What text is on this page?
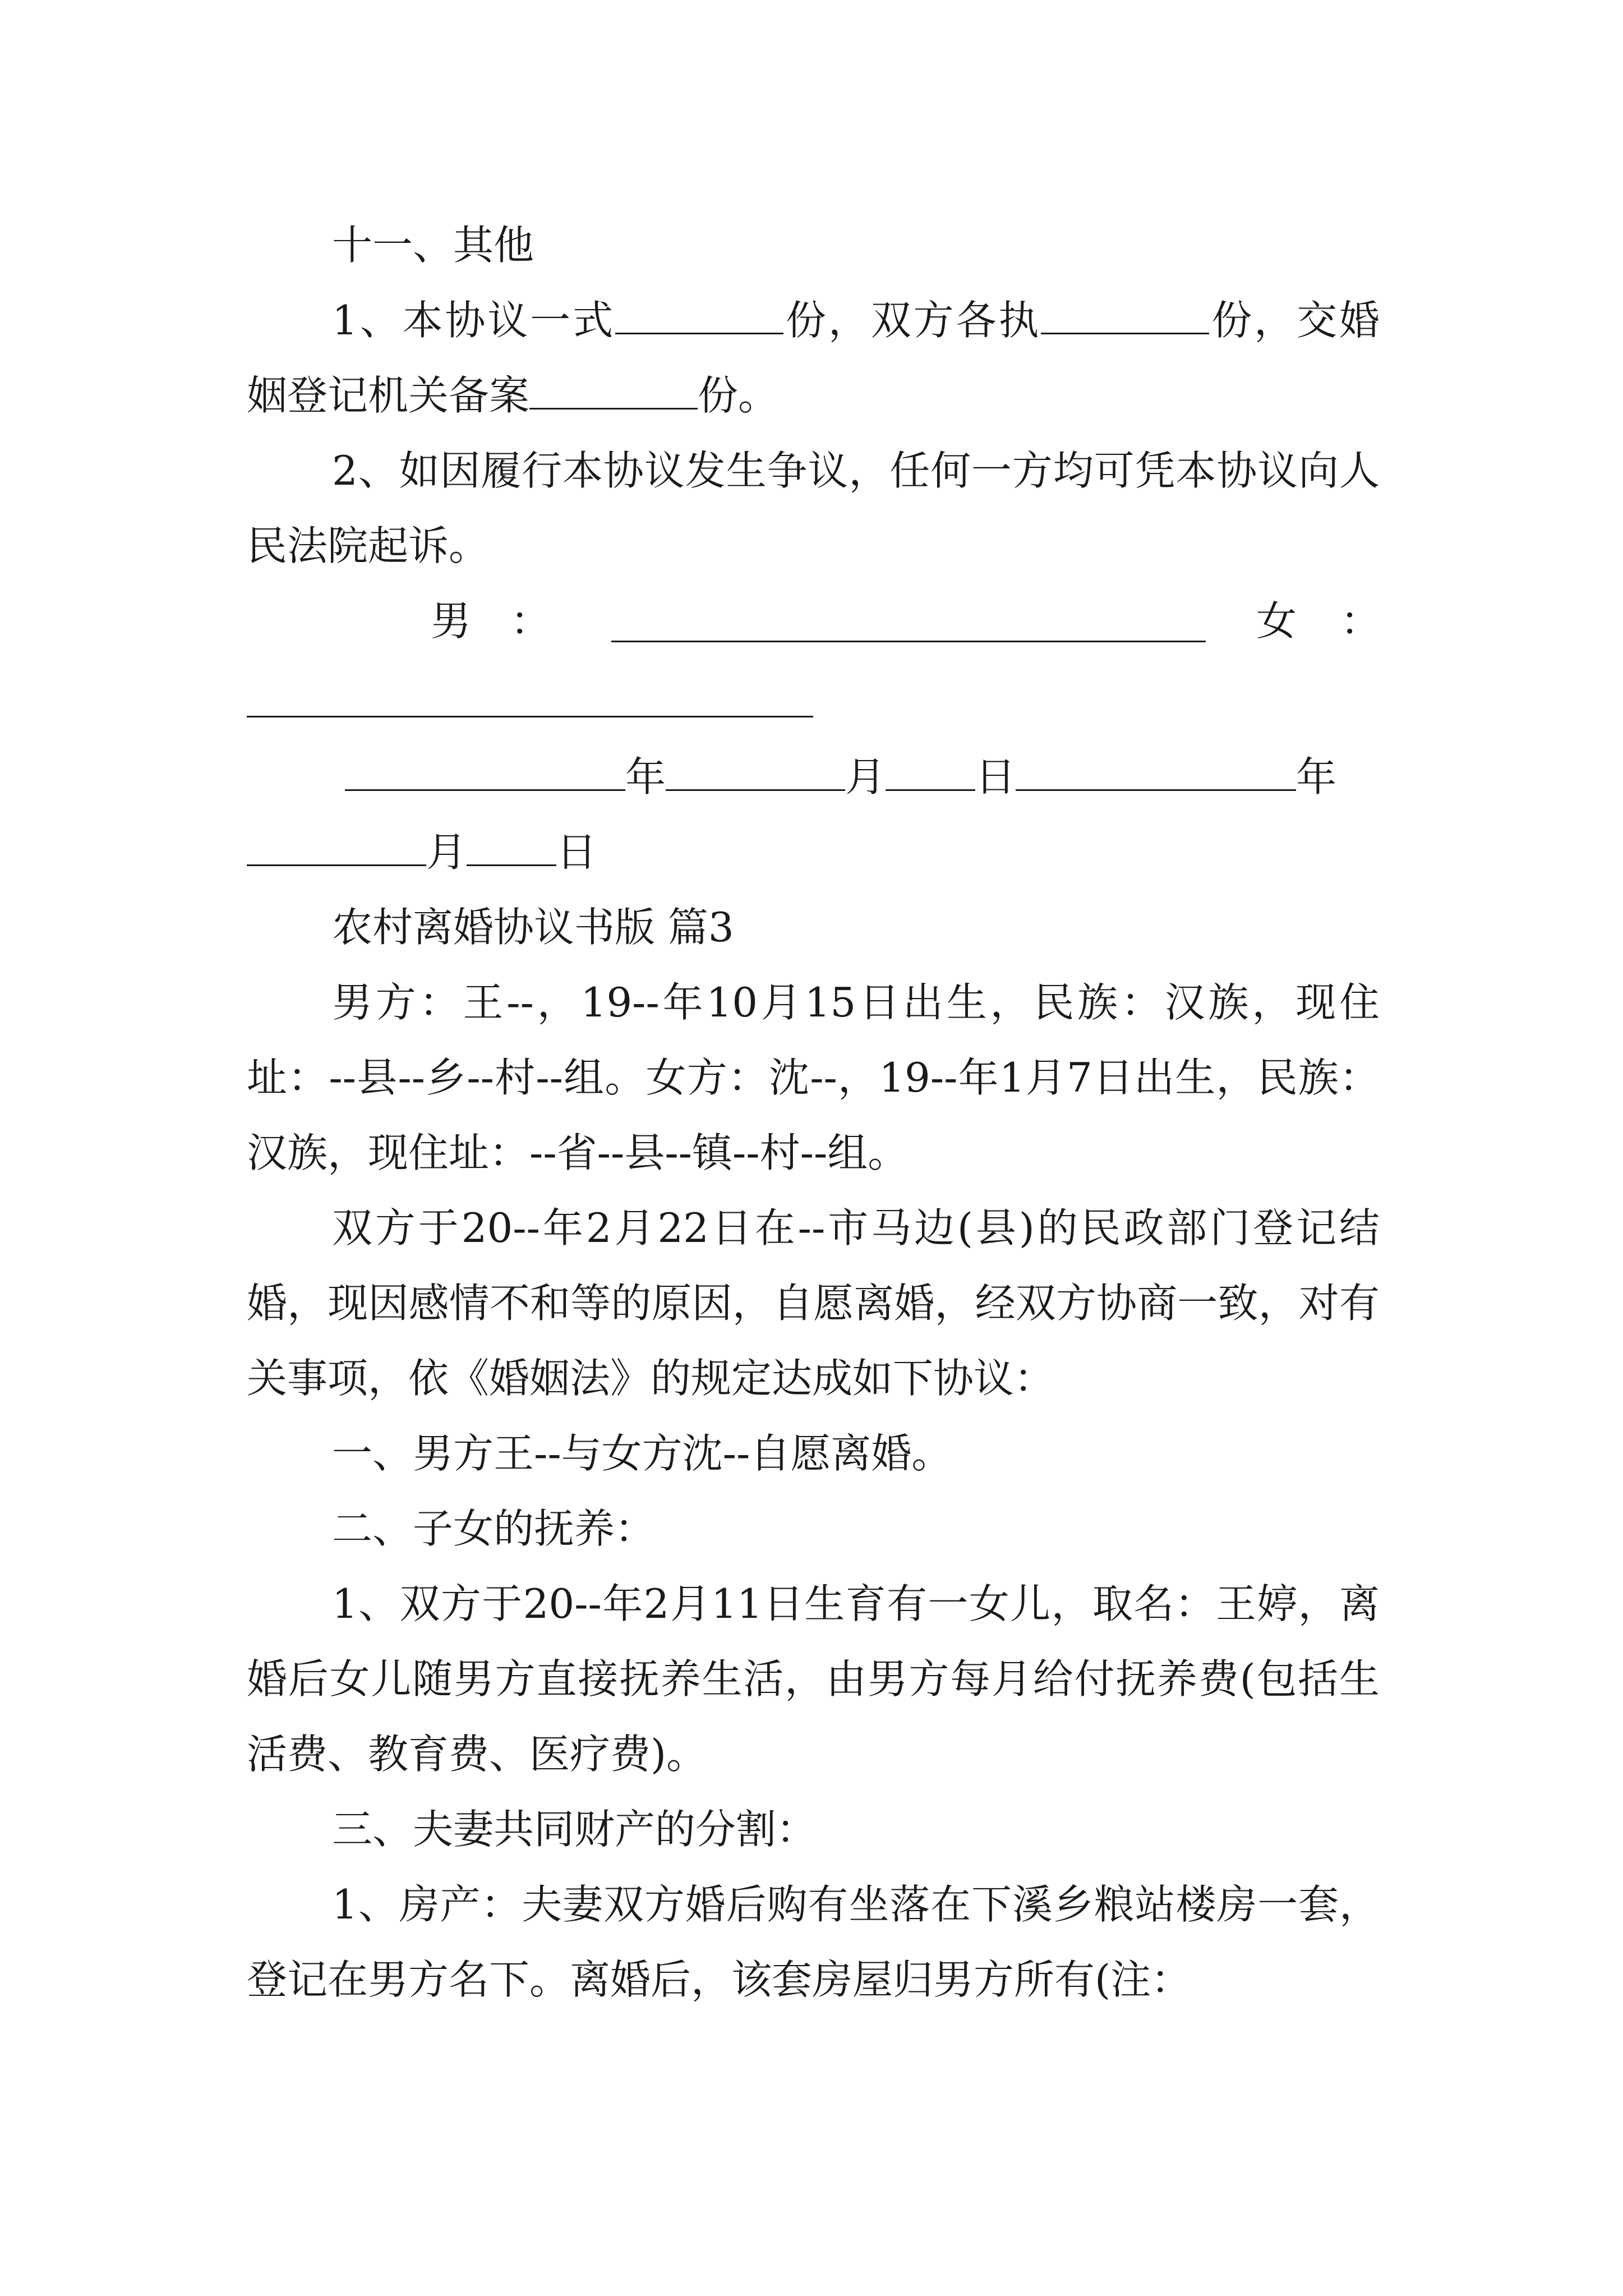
十一、其他

1、本协议一式	份，双方各执	份，交婚姻登记机关备案	份。

2、如因履行本协议发生争议，任何一方均可凭本协议向人民法院起诉。

男 ：	女 ：
年	月 日	年
月 日

农村离婚协议书版 篇3

男方：王--，19--年10月15日出生，民族：汉族，现住址：--县--乡--村--组。女方：沈--，19--年1月7日出生，民族：汉族，现住址：--省--县--镇--村--组。

双方于20--年2月22日在--市马边(县)的民政部门登记结婚，现因感情不和等的原因，自愿离婚，经双方协商一致，对有关事项，依《婚姻法》的规定达成如下协议：

一、男方王--与女方沈--自愿离婚。

二、子女的抚养：

1、双方于20--年2月11日生育有一女儿，取名：王婷，离婚后女儿随男方直接抚养生活，由男方每月给付抚养费(包括生活费、教育费、医疗费)。

三、夫妻共同财产的分割：

1、房产：夫妻双方婚后购有坐落在下溪乡粮站楼房一套，登记在男方名下。离婚后，该套房屋归男方所有(注：
